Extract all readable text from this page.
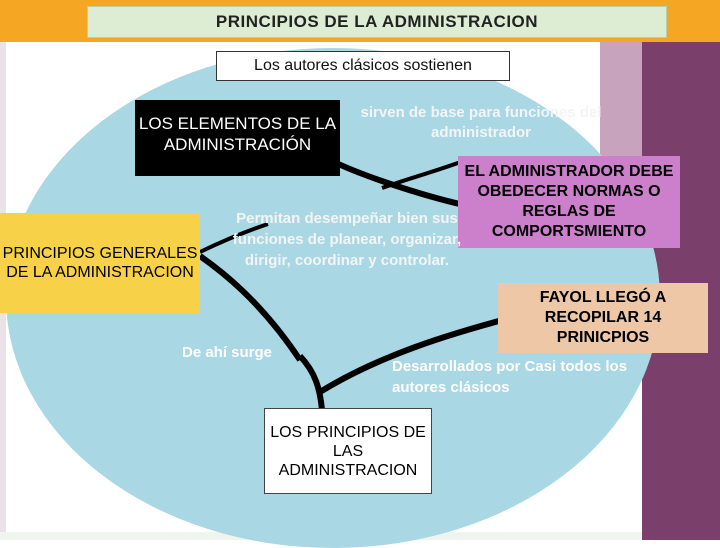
PRINCIPIOS DE LA ADMINISTRACION
Los autores clásicos sostienen
LOS ELEMENTOS DE LA ADMINISTRACIÓN
PRINCIPIOS GENERALES DE LA ADMINISTRACION
EL ADMINISTRADOR DEBE OBEDECER NORMAS O REGLAS DE COMPORTSMIENTO
FAYOL LLEGÓ A RECOPILAR 14 PRINICPIOS
LOS PRINCIPIOS DE LAS ADMINISTRACION
sirven de base para funciones del administrador
Permitan desempeñar bien sus funciones de planear, organizar, dirigir, coordinar y controlar.
De ahí surge
Desarrollados por Casi todos los autores clásicos
